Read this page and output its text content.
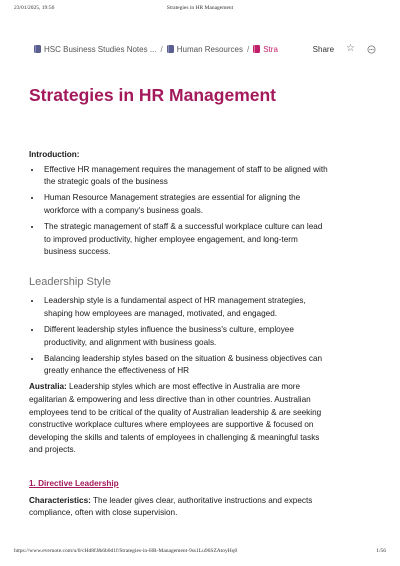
23/01/2025, 19:56	Strategies in HR Management
HSC Business Studies Notes ... / Human Resources / Stra	Share ☆
Strategies in HR Management

Introduction:

• Effective HR management requires the management of staff to be aligned with the strategic goals of the business
• Human Resource Management strategies are essential for aligning the workforce with a company's business goals.
• The strategic management of staff & a successful workplace culture can lead to improved productivity, higher employee engagement, and long-term business success.
Leadership Style
• Leadership style is a fundamental aspect of HR management strategies, shaping how employees are managed, motivated, and engaged.
• Different leadership styles influence the business's culture, employee productivity, and alignment with business goals.
• Balancing leadership styles based on the situation & business objectives can greatly enhance the effectiveness of HR

Australia: Leadership styles which are most effective in Australia are more egalitarian & empowering and less directive than in other countries. Australian employees tend to be critical of the quality of Australian leadership & are seeking constructive workplace cultures where employees are supportive & focused on developing the skills and talents of employees in challenging & meaningful tasks and projects.

1. Directive Leadership

Characteristics: The leader gives clear, authoritative instructions and expects compliance, often with close supervision.

https://www.evernote.com/u/0/cHd8fJ&6b0d1f/Strategies-in-HR-Management-9ss1Lu96SZAtoyHq0	1/56
